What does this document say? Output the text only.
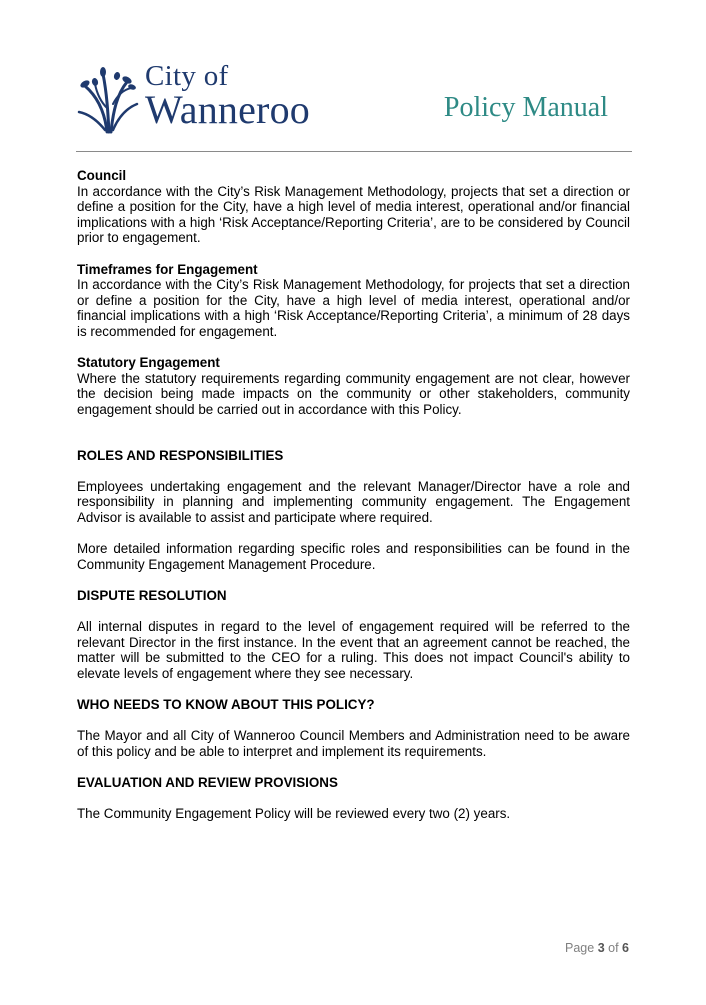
City of
Wanneroo	Policy Manual

Council

In accordance with the City’s Risk Management Methodology, projects that set a direction or define a position for the City, have a high level of media interest, operational and/or financial implications with a high ‘Risk Acceptance/Reporting Criteria’, are to be considered by Council prior to engagement.

Timeframes for Engagement

In accordance with the City’s Risk Management Methodology, for projects that set a direction or define a position for the City, have a high level of media interest, operational and/or financial implications with a high ‘Risk Acceptance/Reporting Criteria’, a minimum of 28 days is recommended for engagement.

Statutory Engagement

Where the statutory requirements regarding community engagement are not clear, however the decision being made impacts on the community or other stakeholders, community engagement should be carried out in accordance with this Policy.

ROLES AND RESPONSIBILITIES

Employees undertaking engagement and the relevant Manager/Director have a role and responsibility in planning and implementing community engagement. The Engagement Advisor is available to assist and participate where required.

More detailed information regarding specific roles and responsibilities can be found in the Community Engagement Management Procedure.

DISPUTE RESOLUTION

All internal disputes in regard to the level of engagement required will be referred to the relevant Director in the first instance. In the event that an agreement cannot be reached, the matter will be submitted to the CEO for a ruling. This does not impact Council's ability to elevate levels of engagement where they see necessary.

WHO NEEDS TO KNOW ABOUT THIS POLICY?

The Mayor and all City of Wanneroo Council Members and Administration need to be aware of this policy and be able to interpret and implement its requirements.

EVALUATION AND REVIEW PROVISIONS

The Community Engagement Policy will be reviewed every two (2) years.

Page 3 of 6
